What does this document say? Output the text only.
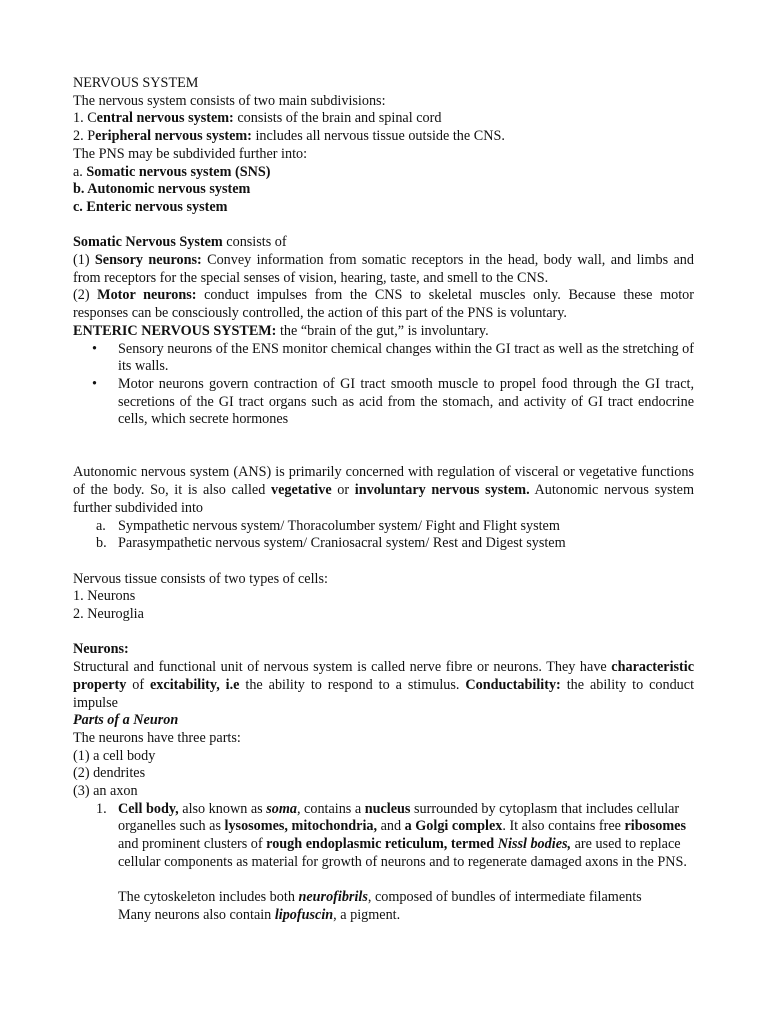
NERVOUS SYSTEM
The nervous system consists of two main subdivisions:
1. Central nervous system: consists of the brain and spinal cord
2. Peripheral nervous system: includes all nervous tissue outside the CNS.
The PNS may be subdivided further into:
a. Somatic nervous system (SNS)
b. Autonomic nervous system
c. Enteric nervous system
Somatic Nervous System consists of
(1) Sensory neurons: Convey information from somatic receptors in the head, body wall, and limbs and from receptors for the special senses of vision, hearing, taste, and smell to the CNS.
(2) Motor neurons: conduct impulses from the CNS to skeletal muscles only. Because these motor responses can be consciously controlled, the action of this part of the PNS is voluntary.
ENTERIC NERVOUS SYSTEM: the “brain of the gut,” is involuntary.
• Sensory neurons of the ENS monitor chemical changes within the GI tract as well as the stretching of its walls.
• Motor neurons govern contraction of GI tract smooth muscle to propel food through the GI tract, secretions of the GI tract organs such as acid from the stomach, and activity of GI tract endocrine cells, which secrete hormones
Autonomic nervous system (ANS) is primarily concerned with regulation of visceral or vegetative functions of the body. So, it is also called vegetative or involuntary nervous system. Autonomic nervous system further subdivided into
a. Sympathetic nervous system/ Thoracolumber system/ Fight and Flight system
b. Parasympathetic nervous system/ Craniosacral system/ Rest and Digest system
Nervous tissue consists of two types of cells:
1. Neurons
2. Neuroglia
Neurons:
Structural and functional unit of nervous system is called nerve fibre or neurons. They have characteristic property of excitability, i.e the ability to respond to a stimulus. Conductability: the ability to conduct impulse
Parts of a Neuron
The neurons have three parts:
(1) a cell body
(2) dendrites
(3) an axon
1. Cell body, also known as soma, contains a nucleus surrounded by cytoplasm that includes cellular organelles such as lysosomes, mitochondria, and a Golgi complex. It also contains free ribosomes and prominent clusters of rough endoplasmic reticulum, termed Nissl bodies, are used to replace cellular components as material for growth of neurons and to regenerate damaged axons in the PNS.
The cytoskeleton includes both neurofibrils, composed of bundles of intermediate filaments
Many neurons also contain lipofuscin, a pigment.
